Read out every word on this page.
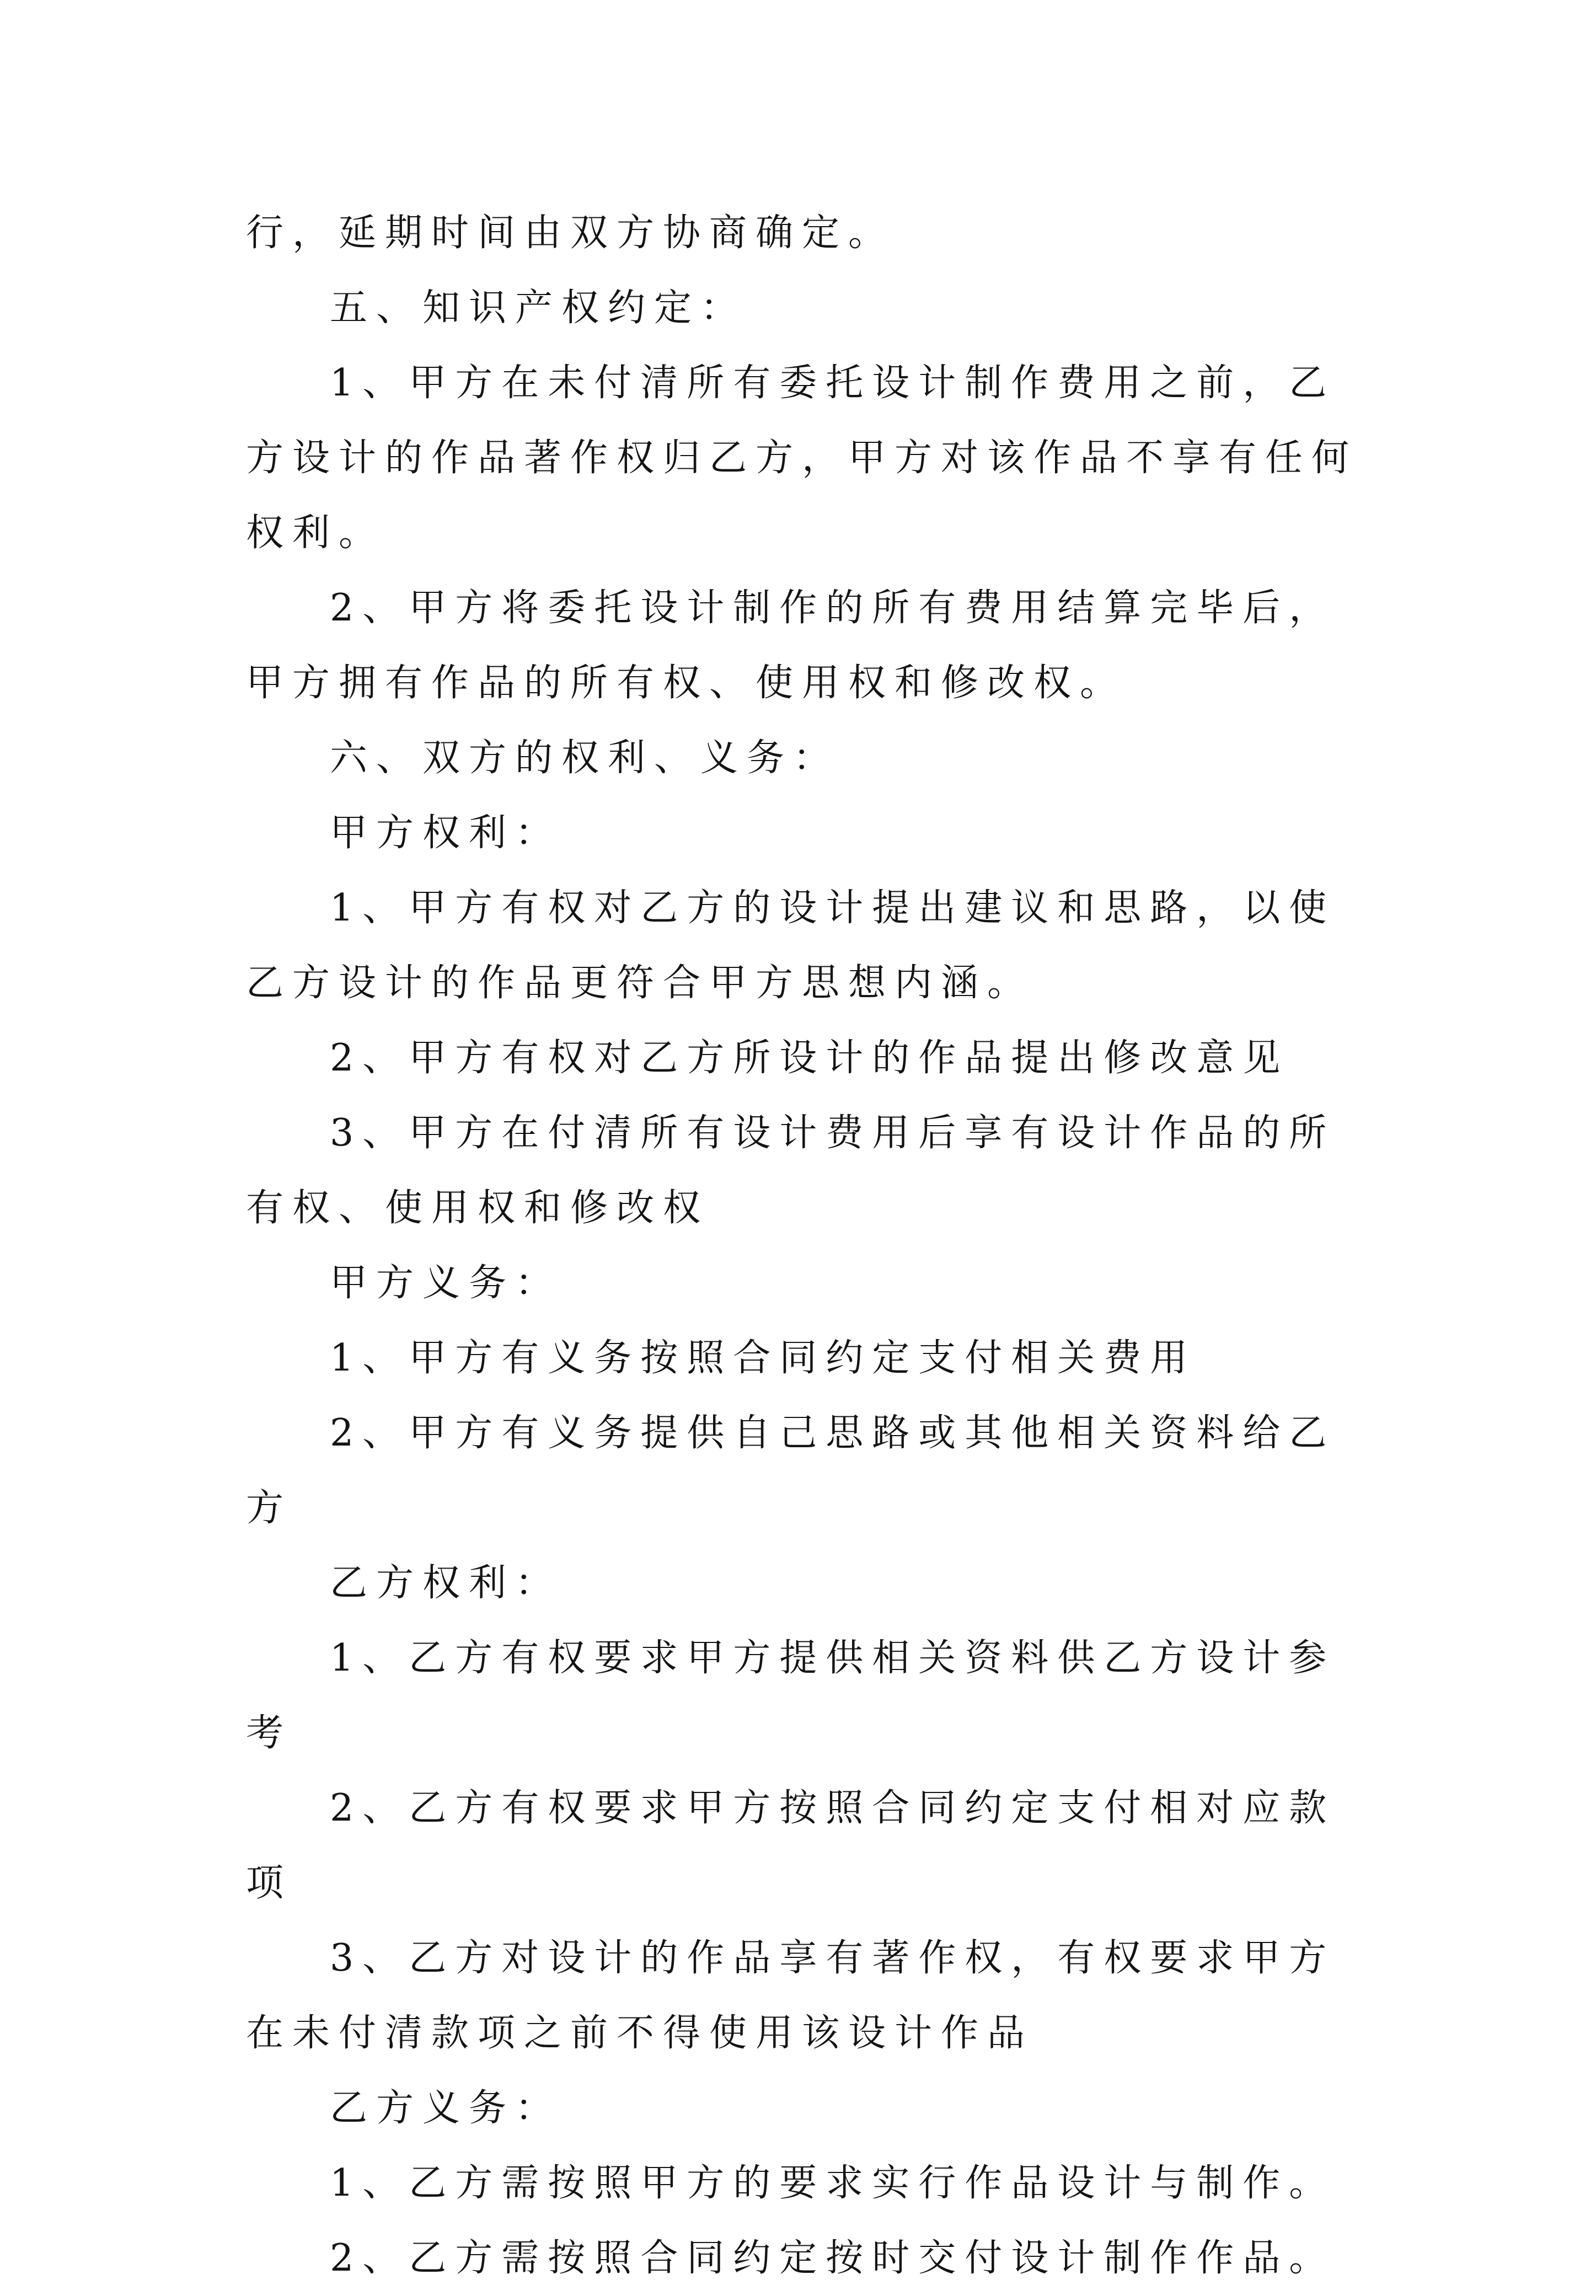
行，延期时间由双方协商确定。

五、知识产权约定：

1、甲方在未付清所有委托设计制作费用之前，乙方设计的作品著作权归乙方，甲方对该作品不享有任何权利。

2、甲方将委托设计制作的所有费用结算完毕后，甲方拥有作品的所有权、使用权和修改权。

六、双方的权利、义务：

甲方权利：

1、甲方有权对乙方的设计提出建议和思路，以使乙方设计的作品更符合甲方思想内涵。

2、甲方有权对乙方所设计的作品提出修改意见

3、甲方在付清所有设计费用后享有设计作品的所有权、使用权和修改权

甲方义务：

1、甲方有义务按照合同约定支付相关费用

2、甲方有义务提供自己思路或其他相关资料给乙方

乙方权利：

1、乙方有权要求甲方提供相关资料供乙方设计参考

2、乙方有权要求甲方按照合同约定支付相对应款项

3、乙方对设计的作品享有著作权，有权要求甲方在未付清款项之前不得使用该设计作品

乙方义务：

1、乙方需按照甲方的要求实行作品设计与制作。

2、乙方需按照合同约定按时交付设计制作作品。
